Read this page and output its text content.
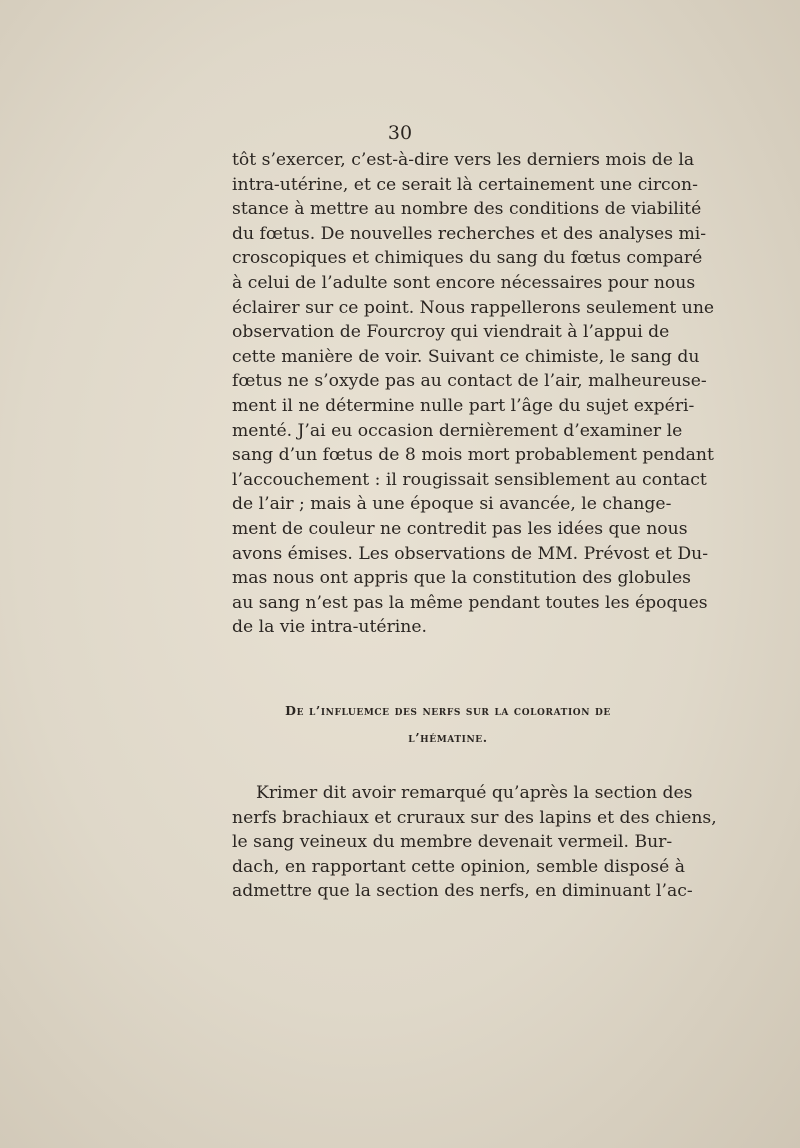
30
tôt s’exercer, c’est-à-dire vers les derniers mois de la
intra-utérine, et ce serait là certainement une circon-
stance à mettre au nombre des conditions de viabilité
du fœtus. De nouvelles recherches et des analyses mi-
croscopiques et chimiques du sang du fœtus comparé
à celui de l’adulte sont encore nécessaires pour nous
éclairer sur ce point. Nous rappellerons seulement une
observation de Fourcroy qui viendrait à l’appui de
cette manière de voir. Suivant ce chimiste, le sang du
fœtus ne s’oxyde pas au contact de l’air, malheureuse-
ment il ne détermine nulle part l’âge du sujet expéri-
menté. J’ai eu occasion dernièrement d’examiner le
sang d’un fœtus de 8 mois mort probablement pendant
l’accouchement : il rougissait sensiblement au contact
de l’air ; mais à une époque si avancée, le change-
ment de couleur ne contredit pas les idées que nous
avons émises. Les observations de MM. Prévost et Du-
mas nous ont appris que la constitution des globules
au sang n’est pas la même pendant toutes les époques
de la vie intra-utérine.
De l’influemce des nerfs sur la coloration de
l’hématine.
Krimer dit avoir remarqué qu’après la section des
nerfs brachiaux et cruraux sur des lapins et des chiens,
le sang veineux du membre devenait vermeil. Bur-
dach, en rapportant cette opinion, semble disposé à
admettre que la section des nerfs, en diminuant l’ac-
